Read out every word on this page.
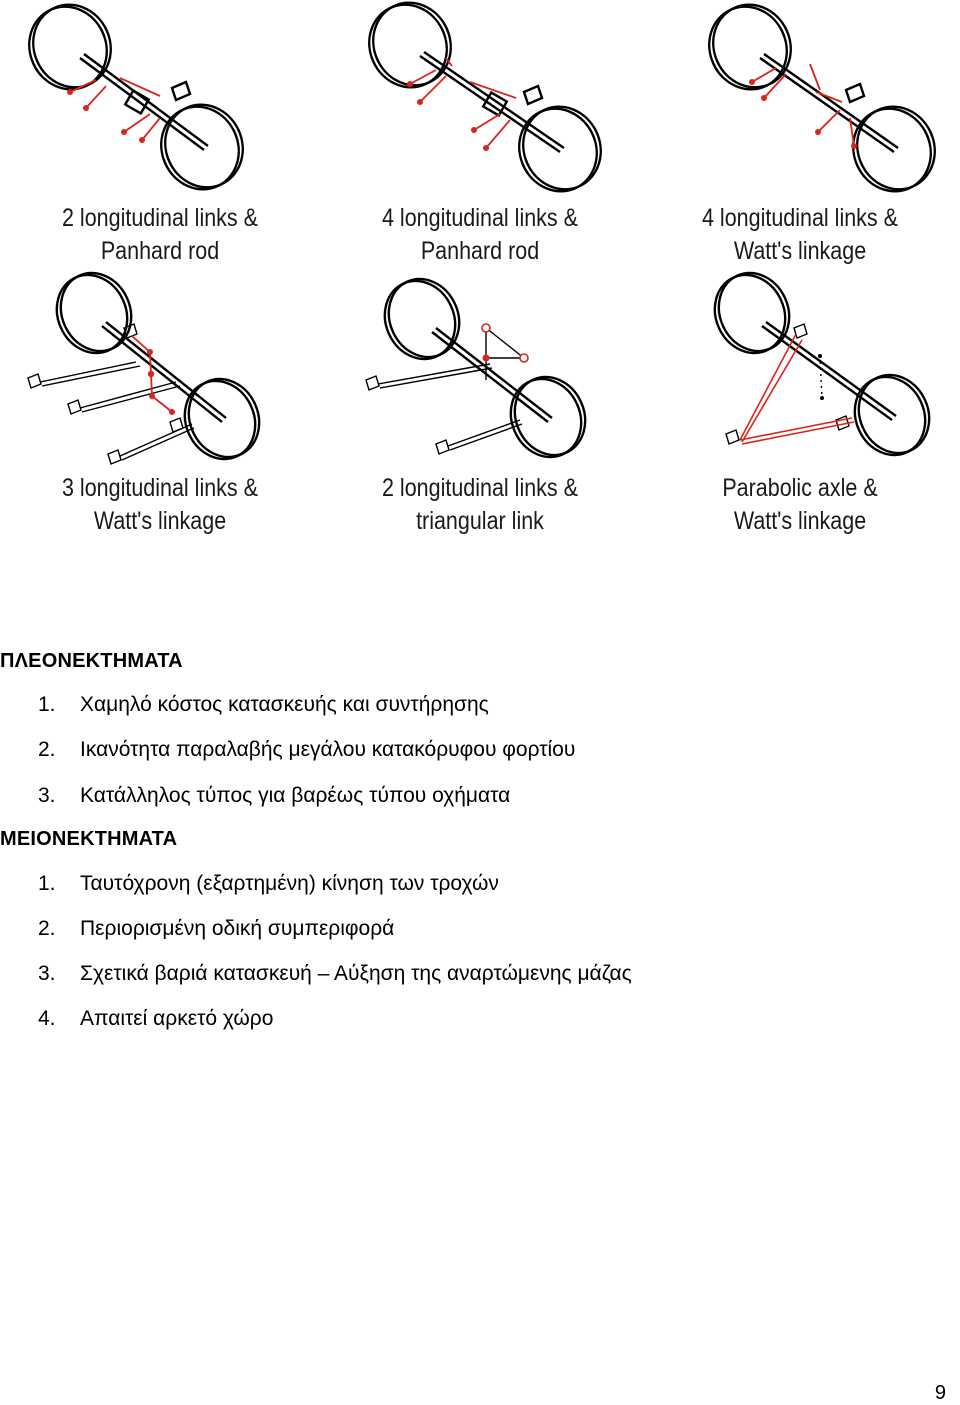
2 longitudinal links &
Panhard rod
4 longitudinal links &
Panhard rod
4 longitudinal links &
Watt's linkage
3 longitudinal links &
Watt's linkage
2 longitudinal links &
triangular link
Parabolic axle &
Watt's linkage
ΠΛΕΟΝΕΚΤΗΜΑΤΑ
1. Χαμηλό κόστος κατασκευής και συντήρησης
2. Ικανότητα παραλαβής μεγάλου κατακόρυφου φορτίου
3. Κατάλληλος τύπος για βαρέως τύπου οχήματα
ΜΕΙΟΝΕΚΤΗΜΑΤΑ
1. Ταυτόχρονη (εξαρτημένη) κίνηση των τροχών
2. Περιορισμένη οδική συμπεριφορά
3. Σχετικά βαριά κατασκευή – Αύξηση της αναρτώμενης μάζας
4. Απαιτεί αρκετό χώρο
9
